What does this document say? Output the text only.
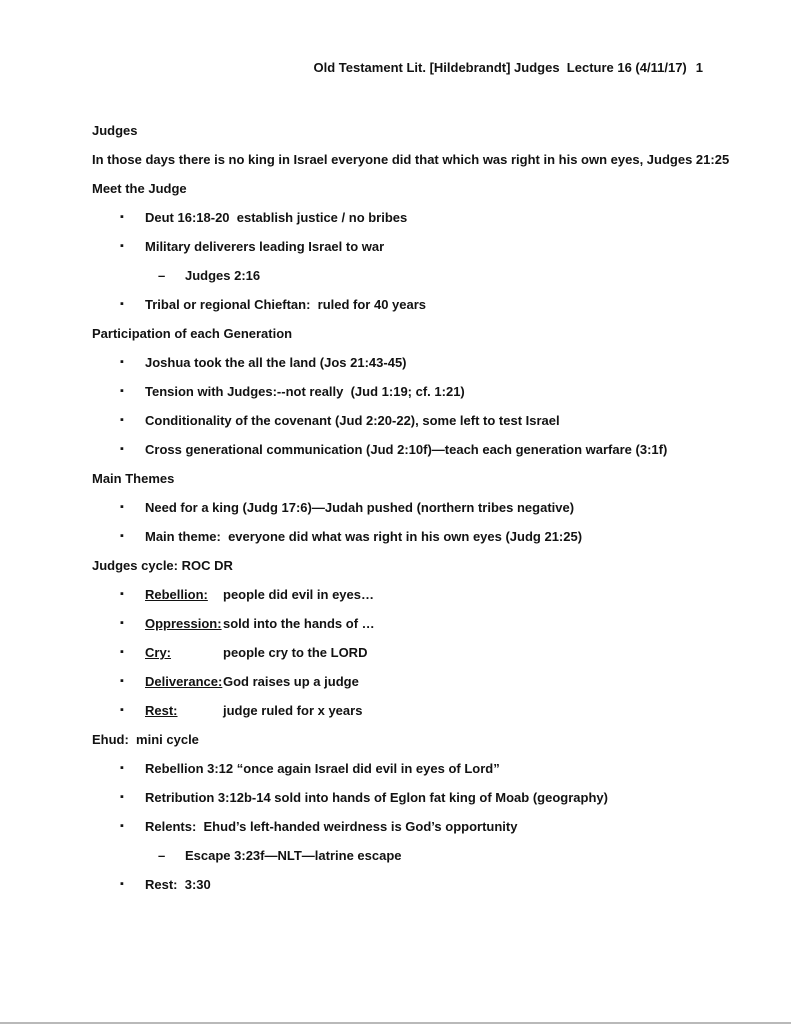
Old Testament Lit. [Hildebrandt] Judges  Lecture 16 (4/11/17) 1

Judges
In those days there is no king in Israel everyone did that which was right in his own eyes, Judges 21:25
Meet the Judge
▪ Deut 16:18-20  establish justice / no bribes
▪ Military deliverers leading Israel to war
– Judges 2:16
▪ Tribal or regional Chieftan:  ruled for 40 years
Participation of each Generation
▪ Joshua took the all the land (Jos 21:43-45)
▪ Tension with Judges:--not really  (Jud 1:19; cf. 1:21)
▪ Conditionality of the covenant (Jud 2:20-22), some left to test Israel
▪ Cross generational communication (Jud 2:10f)—teach each generation warfare (3:1f)
Main Themes
▪ Need for a king (Judg 17:6)—Judah pushed (northern tribes negative)
▪ Main theme:  everyone did what was right in his own eyes (Judg 21:25)
Judges cycle: ROC DR
▪ Rebellion: people did evil in eyes…
▪ Oppression:sold into the hands of …
▪ Cry:	people cry to the LORD
▪ Deliverance:God raises up a judge
▪ Rest:	judge ruled for x years
Ehud:  mini cycle
▪ Rebellion 3:12 “once again Israel did evil in eyes of Lord”
▪ Retribution 3:12b-14 sold into hands of Eglon fat king of Moab (geography)
▪ Relents:  Ehud’s left-handed weirdness is God’s opportunity
– Escape 3:23f—NLT—latrine escape
▪ Rest:  3:30
